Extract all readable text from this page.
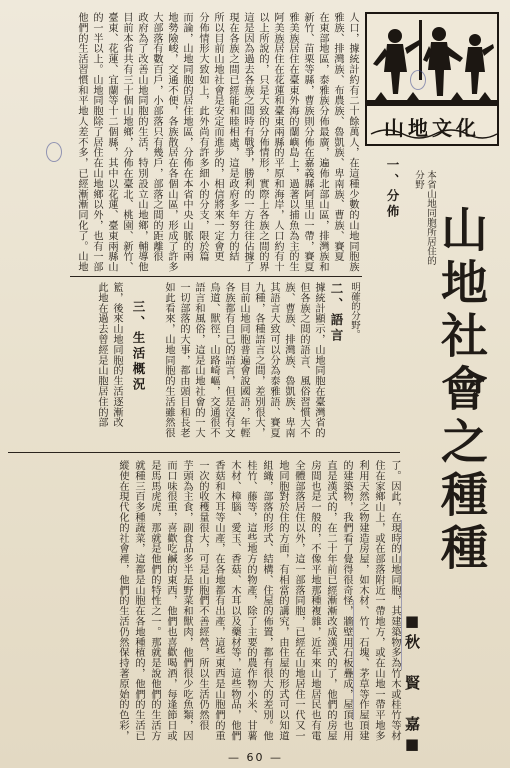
山地社會之種種
■秋 賢 嘉■
山地文化
一、分佈	本省山地同胞所居住的分野
人口，據統計約有二十餘萬人，在這種少數的山地同胞族
雅族、排灣族、布農族、魯凱族、卑南族、曹族、賽夏
在東部地區，泰雅族分佈最廣，遍佈北部山區，排灣族和
新竹、苗栗等縣，曹族則分佈在嘉義縣阿里山一帶，賽夏
雅美族居住在臺東外海的蘭嶼島上，過著以捕魚為主的生
阿美族居住在花蓮和臺東兩縣的平原和海岸，人口約有十
以上所說的，只是大致的分佈情形，實際上各族之間的界
這是因為過去各族之間時有戰爭，勝利的一方往往佔據了
現在各族之間已經能和睦相處，這是政府多年努力的結
所以目前山地社會是安定而進步的，相信將來一定會更
分佈情形大致如上，此外尚有許多細小的分支，限於篇
而論，山地同胞的居住地區，分佈在本省中央山脈的兩
地勢險峻，交通不便，各族散居在各個山區，形成了許多
大部落有數百戶，小部落只有幾戶，部落之間的距離很
政府為了改善山地同胞的生活，特別設立山地鄉，輔導他
目前本省共有三十個山地鄉，分佈在臺北、桃園、新竹、
臺東、花蓮、宜蘭等十二個縣，其中以花蓮、臺東兩縣山
的一半以上。山地同胞除了居住在山地鄉以外，也有一部
他們的生活習慣和平地人差不多，已經漸漸同化了。山地
明確的分野。
二、語言
據統計顯示，山地同胞在臺灣省的
但各族之間的語言、風俗習慣大不
族、曹族、排灣族、魯凱族、卑南
其語言大致可以分為泰雅語、賽夏
九種，各種語言之間，差別很大，
目前山地同胞普遍會說國語，年輕
各族都有自己的語言，但是沒有文
鳥道、獸徑，山路崎嶇，交通很不
語言和風俗，這是山地社會的一大
一切部落的大事，都由頭目和長老
如此看來，山地同胞的生活雖然很
三、生活概況
籃，後來山地同胞的生活逐漸改
此地在過去曾經是山胞居住的部
了。因此，在現時的山地同胞，其建築物多為竹木或桂竹等材
住在家鄉山上，或在部落附近一帶地方，或在山地一帶平地多
利用天然之物建造房屋，如木材、竹、石塊、茅草等作屋頂建
的建築物，我們看了覺得很奇怪，牆壁用石板疊成，屋頂也用
直是漢式的，在二十年前已經漸漸改成漢式的了，他們的房屋
房間也是一般的，不像平地那種複雜，近年來山地居民也有電
全體部落居住以外，這一部落同胞，已經在山地居住一代又一
地同胞對於住的方面，有相當的講究，由住屋的形式可以知道
組織，部落的形式、結構、住屋的佈置，都有很大的差別。他
桂竹、藤等，這些地方的物產，除了主要的農作物小米、甘薯
木材、樟腦、愛玉、香菇、木耳以及藥材等，這些物品，他們
香菇和木耳等山產，在各地都有出產，這些東西是山胞們的重
一次的收穫量很大，可是山胞們不善經營，所以生活仍然很
芋頭為主食，副食品多半是野菜和獸肉，他們很少吃魚類，因
而口味很重，喜歡吃鹹的東西，他們也喜歡喝酒，每逢節日或
是馬馬虎虎，那就是他們的特性之一。那就是說他們的生活方
就種三百多種蔬菜，這都是山胞在各地種植的，他們的生活已
縱使在現代化的社會裡，他們的生活仍然保持著原始的色彩，
— 60 —
